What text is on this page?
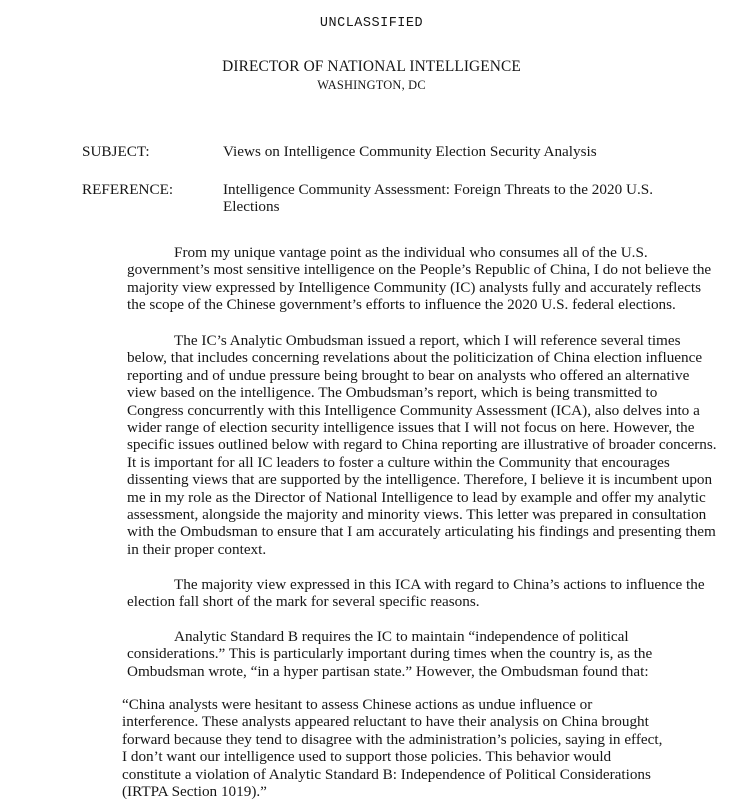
UNCLASSIFIED
DIRECTOR OF NATIONAL INTELLIGENCE
WASHINGTON, DC
SUBJECT:	Views on Intelligence Community Election Security Analysis
REFERENCE:	Intelligence Community Assessment: Foreign Threats to the 2020 U.S.
Elections
From my unique vantage point as the individual who consumes all of the U.S.
government’s most sensitive intelligence on the People’s Republic of China, I do not believe the
majority view expressed by Intelligence Community (IC) analysts fully and accurately reflects
the scope of the Chinese government’s efforts to influence the 2020 U.S. federal elections.
The IC’s Analytic Ombudsman issued a report, which I will reference several times
below, that includes concerning revelations about the politicization of China election influence
reporting and of undue pressure being brought to bear on analysts who offered an alternative
view based on the intelligence. The Ombudsman’s report, which is being transmitted to
Congress concurrently with this Intelligence Community Assessment (ICA), also delves into a
wider range of election security intelligence issues that I will not focus on here. However, the
specific issues outlined below with regard to China reporting are illustrative of broader concerns.
It is important for all IC leaders to foster a culture within the Community that encourages
dissenting views that are supported by the intelligence. Therefore, I believe it is incumbent upon
me in my role as the Director of National Intelligence to lead by example and offer my analytic
assessment, alongside the majority and minority views. This letter was prepared in consultation
with the Ombudsman to ensure that I am accurately articulating his findings and presenting them
in their proper context.
The majority view expressed in this ICA with regard to China’s actions to influence the
election fall short of the mark for several specific reasons.
Analytic Standard B requires the IC to maintain “independence of political
considerations.” This is particularly important during times when the country is, as the
Ombudsman wrote, “in a hyper partisan state.” However, the Ombudsman found that:
“China analysts were hesitant to assess Chinese actions as undue influence or
interference. These analysts appeared reluctant to have their analysis on China brought
forward because they tend to disagree with the administration’s policies, saying in effect,
I don’t want our intelligence used to support those policies. This behavior would
constitute a violation of Analytic Standard B: Independence of Political Considerations
(IRTPA Section 1019).”
